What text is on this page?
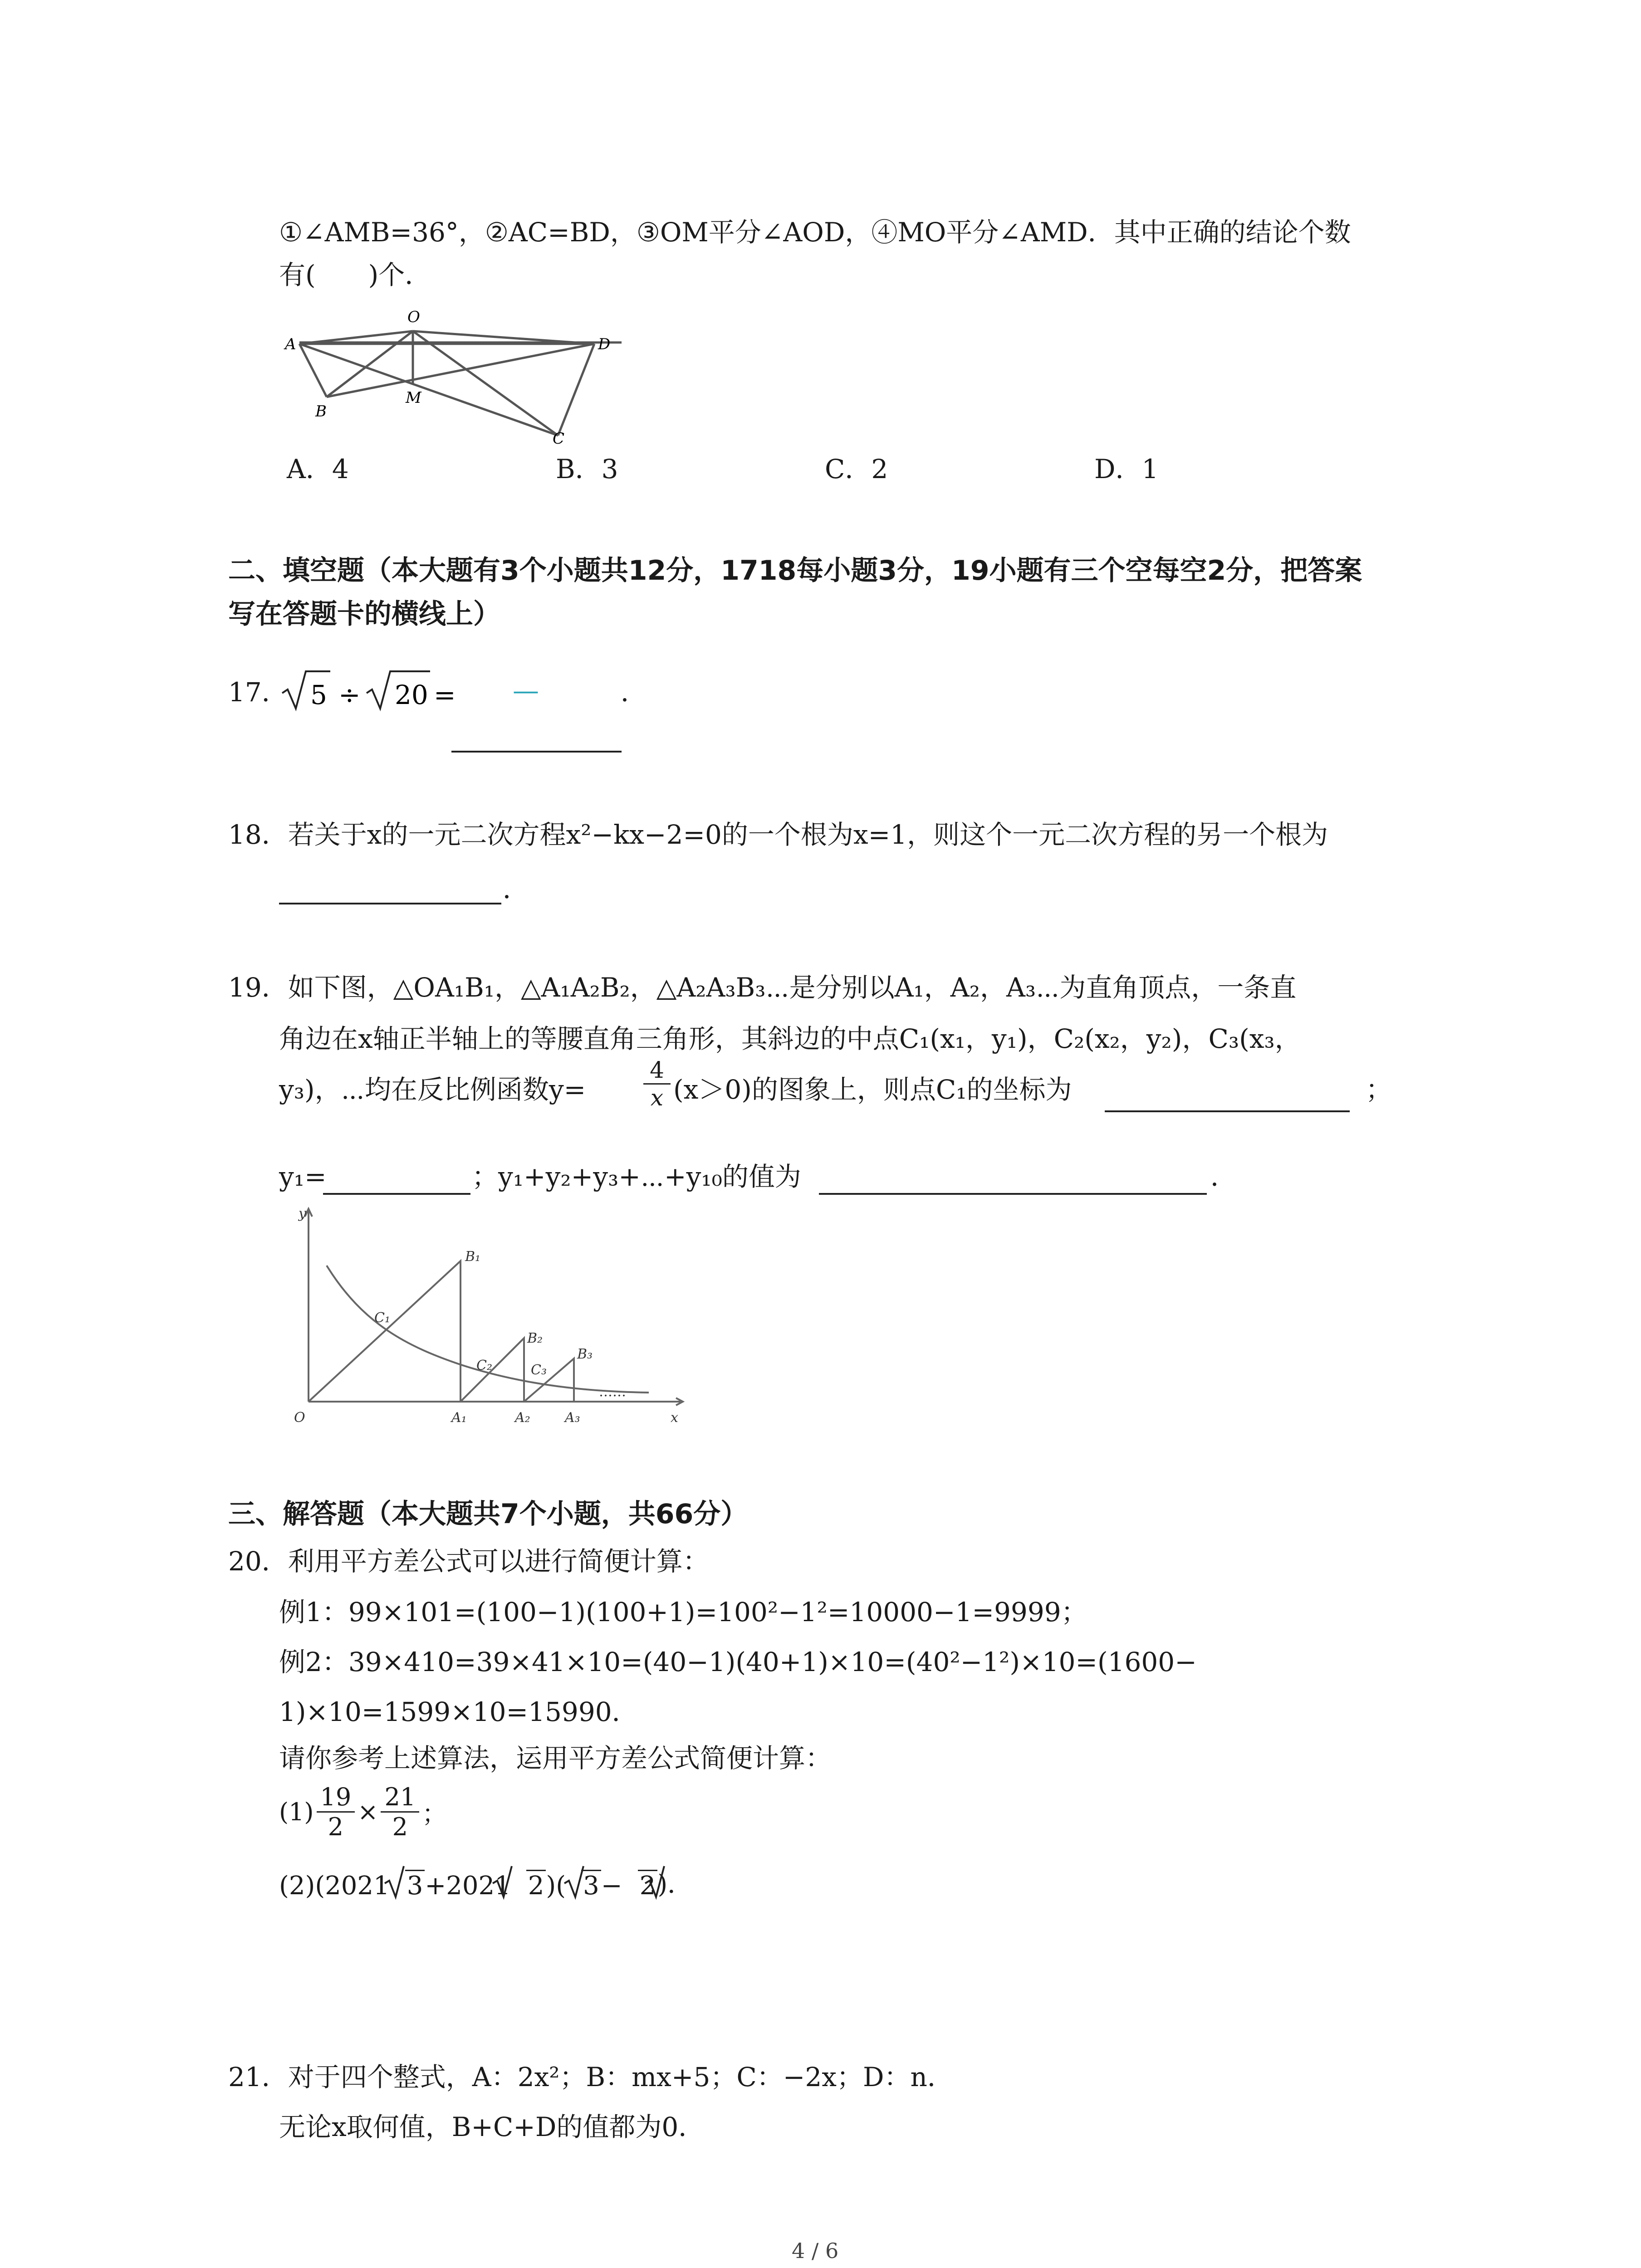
①∠AMB=36°，②AC=BD，③OM平分∠AOD，④MO平分∠AMD．其中正确的结论个数
有(　　)个．
A
O
D
B
M
C
A．4	B．3	C．2	D．1
二、填空题（本大题有3个小题共12分，1718每小题3分，19小题有三个空每空2分，把答案
写在答题卡的横线上）
17． 5 ÷ 20 = —	．
18．若关于x的一元二次方程x²−kx−2=0的一个根为x=1，则这个一元二次方程的另一个根为
．
19．如下图，△OA₁B₁，△A₁A₂B₂，△A₂A₃B₃⋯是分别以A₁，A₂，A₃⋯为直角顶点，一条直
角边在x轴正半轴上的等腰直角三角形，其斜边的中点C₁(x₁，y₁)，C₂(x₂，y₂)，C₃(x₃，
y₃)，⋯均在反比例函数y=	$\frac{4}{x} (x>0)$的图象上，则点C₁的坐标为	；
y₁=	；y₁+y₂+y₃+⋯+y₁₀的值为	．
y
x
O
B₁
C₁
C₂
B₂
C₃
B₃
A₁	A₂	A₃
……
三、解答题（本大题共7个小题，共66分）
20．利用平方差公式可以进行简便计算：
例1：99×101=(100−1)(100+1)=100²−1²=10000−1=9999；
例2：39×410=39×41×10=(40−1)(40+1)×10=(40²−1²)×10=(1600−
1)×10=1599×10=15990．
请你参考上述算法，运用平方差公式简便计算：
$(1) \frac{19}{2} \times \frac{21}{2}$ ；
(2)(2021 3 +2021 2 )( 3 − 2 )．
21．对于四个整式，A：2x²；B：mx+5；C：−2x；D：n．
无论x取何值，B+C+D的值都为0．
4 / 6
